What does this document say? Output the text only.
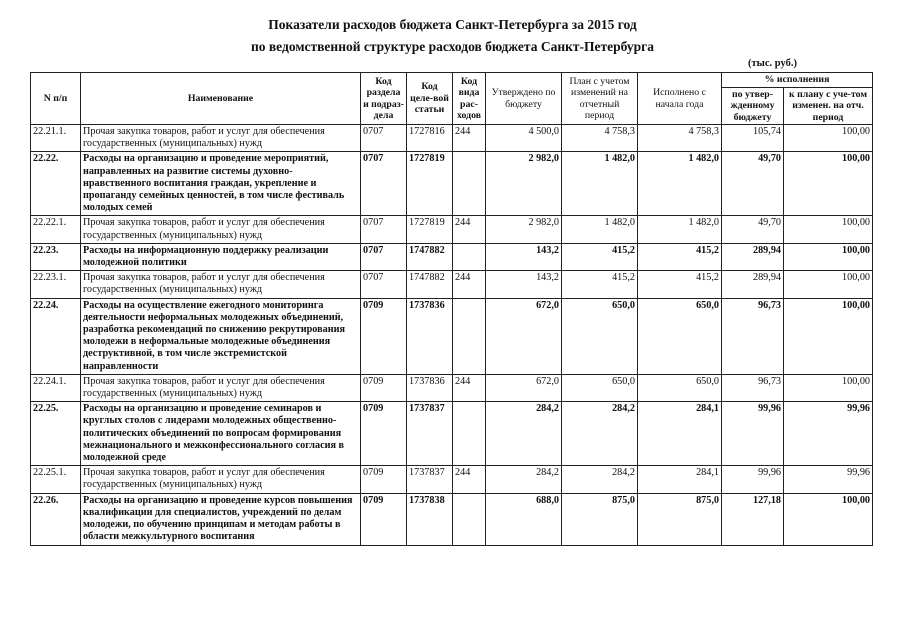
Показатели расходов бюджета Санкт-Петербурга за 2015 год
по ведомственной структуре расходов бюджета Санкт-Петербурга
(тыс. руб.)
N п/п	Наименование	Код раздела и подраз-дела	Код целе-вой статьи	Код вида рас-ходов	Утверждено по бюджету	План с учетом изменений на отчетный период	Исполнено с начала года	% исполнения	
								по утвер-жденному бюджету	к плану с уче-том изменен. на отч. период
22.21.1.	Прочая закупка товаров, работ и услуг для обеспечения государственных (муниципальных) нужд	0707	1727816	244	4 500,0	4 758,3	4 758,3	105,74	100,00
22.22.	Расходы на организацию и проведение мероприятий, направленных на развитие системы духовно-нравственного воспитания граждан, укрепление и пропаганду семейных ценностей, в том числе фестиваль молодых семей	0707	1727819		2 982,0	1 482,0	1 482,0	49,70	100,00
22.22.1.	Прочая закупка товаров, работ и услуг для обеспечения государственных (муниципальных) нужд	0707	1727819	244	2 982,0	1 482,0	1 482,0	49,70	100,00
22.23.	Расходы на информационную поддержку реализации молодежной политики	0707	1747882		143,2	415,2	415,2	289,94	100,00
22.23.1.	Прочая закупка товаров, работ и услуг для обеспечения государственных (муниципальных) нужд	0707	1747882	244	143,2	415,2	415,2	289,94	100,00
22.24.	Расходы на осуществление ежегодного мониторинга деятельности неформальных молодежных объединений, разработка рекомендаций по снижению рекрутирования молодежи в неформальные молодежные объединения деструктивной, в том числе экстремистской направленности	0709	1737836		672,0	650,0	650,0	96,73	100,00
22.24.1.	Прочая закупка товаров, работ и услуг для обеспечения государственных (муниципальных) нужд	0709	1737836	244	672,0	650,0	650,0	96,73	100,00
22.25.	Расходы на организацию и проведение семинаров и круглых столов с лидерами молодежных общественно-политических объединений по вопросам формирования межнационального и межконфессионального согласия в молодежной среде	0709	1737837		284,2	284,2	284,1	99,96	99,96
22.25.1.	Прочая закупка товаров, работ и услуг для обеспечения государственных (муниципальных) нужд	0709	1737837	244	284,2	284,2	284,1	99,96	99,96
22.26.	Расходы на организацию и проведение курсов повышения квалификации для специалистов, учреждений по делам молодежи, по обучению принципам и методам работы в области межкультурного воспитания	0709	1737838		688,0	875,0	875,0	127,18	100,00
